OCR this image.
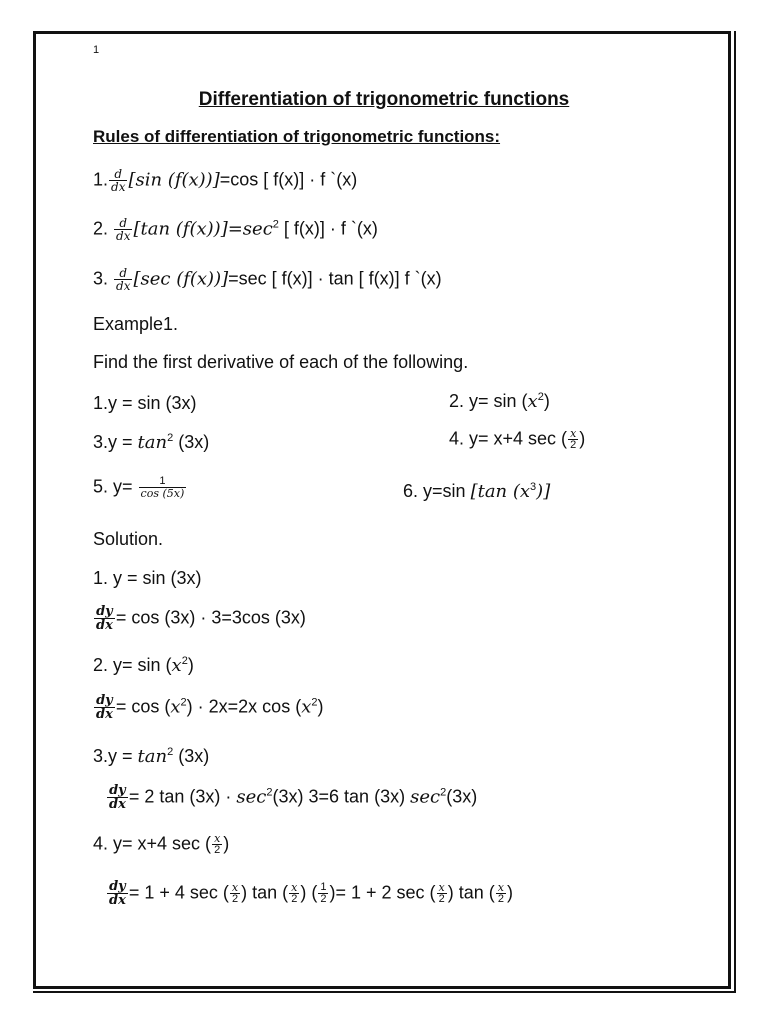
1
Differentiation of trigonometric functions
Rules of differentiation of trigonometric functions:
1. $\frac{d}{dx} [\sin$ (f(x))]=cos [ f(x)] · f `(x)
2. $\frac{d}{dx} [\tan$ $(f(x))]=\sec^2$ [ f(x)] · f `(x)
3. $\frac{d}{dx} [\sec$ (f(x))]=sec [ f(x)] · tan [ f(x)] f `(x)
Example1.
Find the first derivative of each of the following.
1.y = sin (3x)	2. $y= \sin (x^2)$
$3.y = \tan^2 (3x)$	4. y= x+4 sec ( $\frac{x}{2}$ )
5. $y= \frac{1}{\cos (5x)}$	6. y=sin [tan $(x^3)$]
Solution.
1. y = sin (3x)
$\frac{dy}{dx} = \cos (3x) \cdot 3=3\cos$ (3x)
2. $y= \sin (x^2)$
$\frac{dy}{dx} = \cos (x^2) \cdot 2x=2x$ $\cos (x^2)$
$3.y = \tan^2 (3x)$
$\frac{dy}{dx} = 2$ $\tan (3x) \cdot \sec^2(3x)$ 3=6 tan (3x) $\sec^2(3x)$
4. y= x+4 sec ( $\frac{x}{2}$ )
$\frac{dy}{dx} = 1 + 4$ sec ( $\frac{x}{2}$ ) tan ( $\frac{x}{2}$ ) ( $\frac{1}{2}$ )= 1 + 2 sec ( $\frac{x}{2}$ ) tan ( $\frac{x}{2}$ )
